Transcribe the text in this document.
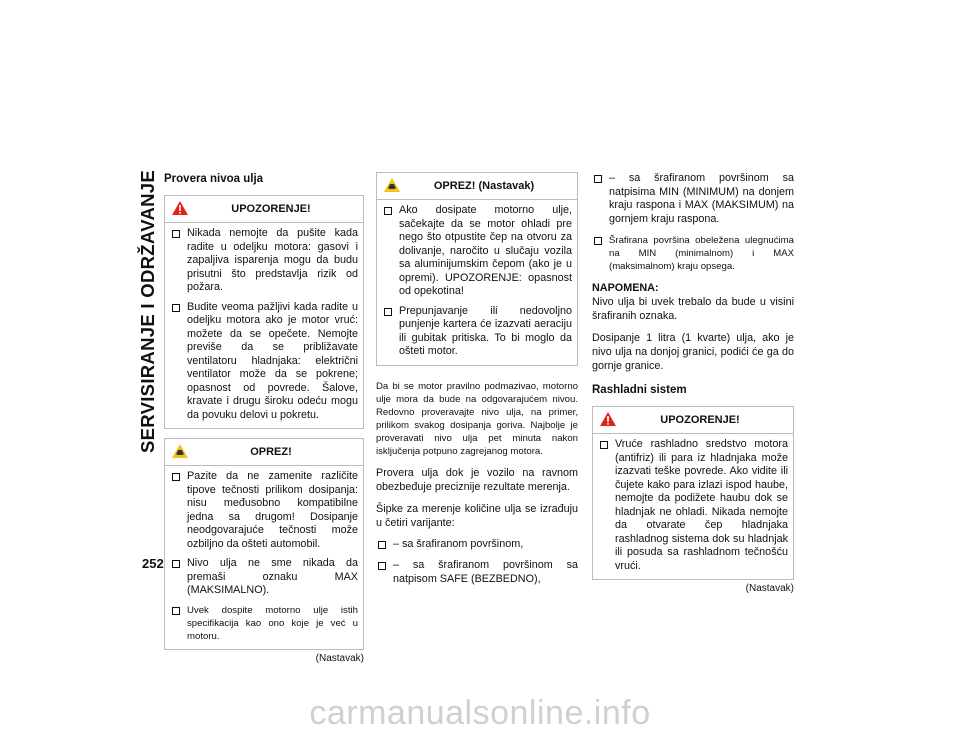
SERVISIRANJE I ODRŽAVANJE
252
Provera nivoa ulja
UPOZORENJE!
Nikada nemojte da pušite kada radite u odeljku motora: gasovi i zapaljiva isparenja mogu da budu prisutni što predstavlja rizik od požara.
Budite veoma pažljivi kada radite u odeljku motora ako je motor vruć: možete da se opečete. Nemojte previše da se približavate ventilatoru hladnjaka: električni ventilator može da se pokrene; opasnost od povrede. Šalove, kravate i drugu široku odeću mogu da povuku delovi u pokretu.
OPREZ!
Pazite da ne zamenite različite tipove tečnosti prilikom dosipanja: nisu međusobno kompatibilne jedna sa drugom! Dosipanje neodgovarajuće tečnosti može ozbiljno da ošteti automobil.
Nivo ulja ne sme nikada da premaši oznaku MAX (MAKSIMALNO).
Uvek dospite motorno ulje istih specifikacija kao ono koje je već u motoru.
(Nastavak)
OPREZ! (Nastavak)
Ako dosipate motorno ulje, sačekajte da se motor ohladi pre nego što otpustite čep na otvoru za dolivanje, naročito u slučaju vozila sa aluminijumskim čepom (ako je u opremi). UPOZORENJE: opasnost od opekotina!
Prepunjavanje ili nedovoljno punjenje kartera će izazvati aeraciju ili gubitak pritiska. To bi moglo da ošteti motor.

Da bi se motor pravilno podmazivao, motorno ulje mora da bude na odgovarajućem nivou. Redovno proveravajte nivo ulja, na primer, prilikom svakog dosipanja goriva. Najbolje je proveravati nivo ulja pet minuta nakon isključenja potpuno zagrejanog motora.

Provera ulja dok je vozilo na ravnom obezbeđuje preciznije rezultate merenja.

Šipke za merenje količine ulja se izrađuju u četiri varijante:

– sa šrafiranom površinom,
– sa šrafiranom površinom sa natpisom SAFE (BEZBEDNO),
– sa šrafiranom površinom sa natpisima MIN (MINIMUM) na donjem kraju raspona i MAX (MAKSIMUM) na gornjem kraju raspona.
Šrafirana površina obeležena ulegnućima na MIN (minimalnom) i MAX (maksimalnom) kraju opsega.

NAPOMENA:

Nivo ulja bi uvek trebalo da bude u visini šrafiranih oznaka.

Dosipanje 1 litra (1 kvarte) ulja, ako je nivo ulja na donjoj granici, podići će ga do gornje granice.

Rashladni sistem
UPOZORENJE!
Vruće rashladno sredstvo motora (antifriz) ili para iz hladnjaka može izazvati teške povrede. Ako vidite ili čujete kako para izlazi ispod haube, nemojte da podižete haubu dok se hladnjak ne ohladi. Nikada nemojte da otvarate čep hladnjaka rashladnog sistema dok su hladnjak ili posuda sa rashladnom tečnošću vrući.
(Nastavak)
carmanualsonline.info
